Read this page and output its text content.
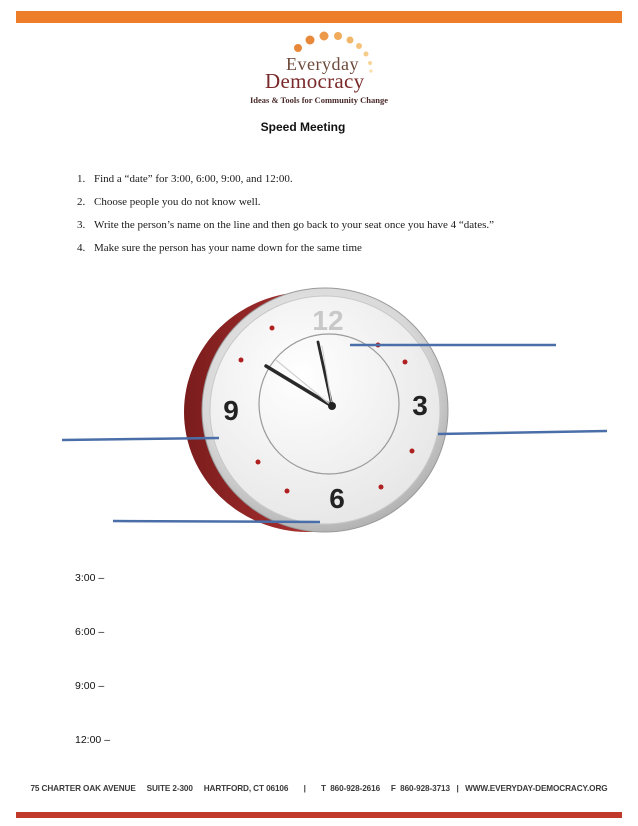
Everyday
Democracy
Ideas & Tools for Community Change
Speed Meeting
1. Find a “date” for 3:00, 6:00, 9:00, and 12:00.
2. Choose people you do not know well.
3. Write the person’s name on the line and then go back to your seat once you have 4 “dates.”
4. Make sure the person has your name down for the same time
12
3
6
9
3:00 –
6:00 –
9:00 –
12:00 –
75 CHARTER OAK AVENUE     SUITE 2-300     HARTFORD, CT 06106       |       T  860-928-2616     F  860-928-3713   |   WWW.EVERYDAY-DEMOCRACY.ORG
